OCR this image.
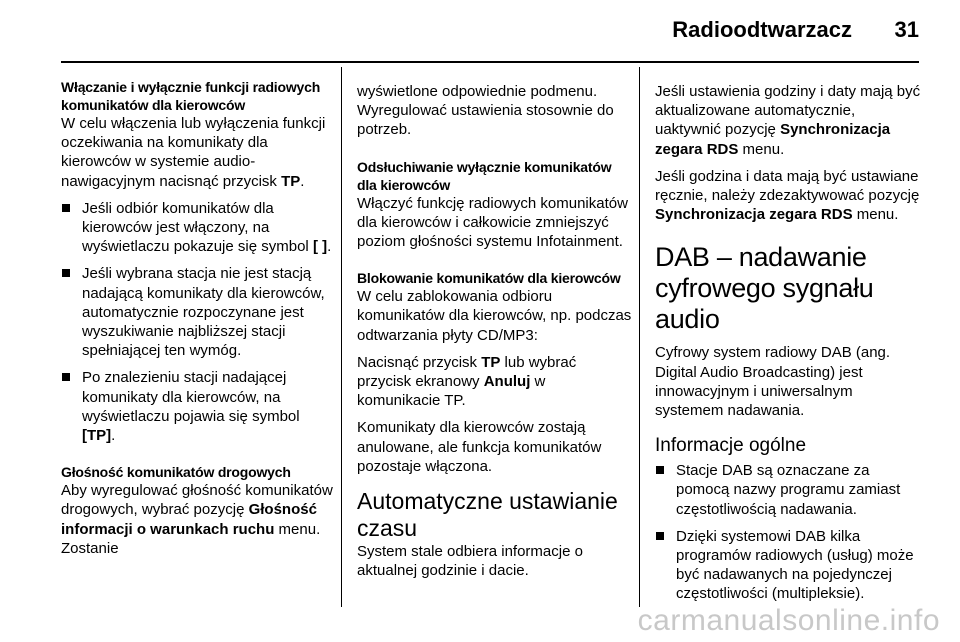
Radioodtwarzacz 31
Włączanie i wyłącznie funkcji radiowych komunikatów dla kierowców

W celu włączenia lub wyłączenia funkcji oczekiwania na komunikaty dla kierowców w systemie audio-nawigacyjnym nacisnąć przycisk TP.

Jeśli odbiór komunikatów dla kierowców jest włączony, na wyświetlaczu pokazuje się symbol [ ].
Jeśli wybrana stacja nie jest stacją nadającą komunikaty dla kierowców, automatycznie rozpoczynane jest wyszukiwanie najbliższej stacji spełniającej ten wymóg.
Po znalezieniu stacji nadającej komunikaty dla kierowców, na wyświetlaczu pojawia się symbol [TP].
Głośność komunikatów drogowych

Aby wyregulować głośność komunikatów drogowych, wybrać pozycję Głośność informacji o warunkach ruchu menu. Zostanie

wyświetlone odpowiednie podmenu. Wyregulować ustawienia stosownie do potrzeb.

Odsłuchiwanie wyłącznie komunikatów dla kierowców

Włączyć funkcję radiowych komunikatów dla kierowców i całkowicie zmniejszyć poziom głośności systemu Infotainment.

Blokowanie komunikatów dla kierowców

W celu zablokowania odbioru komunikatów dla kierowców, np. podczas odtwarzania płyty CD/MP3:

Nacisnąć przycisk TP lub wybrać przycisk ekranowy Anuluj w komunikacie TP.

Komunikaty dla kierowców zostają anulowane, ale funkcja komunikatów pozostaje włączona.

Automatyczne ustawianie czasu

System stale odbiera informacje o aktualnej godzinie i dacie.

Jeśli ustawienia godziny i daty mają być aktualizowane automatycznie, uaktywnić pozycję Synchronizacja zegara RDS menu.

Jeśli godzina i data mają być ustawiane ręcznie, należy zdezaktywować pozycję Synchronizacja zegara RDS menu.

DAB – nadawanie cyfrowego sygnału audio

Cyfrowy system radiowy DAB (ang. Digital Audio Broadcasting) jest innowacyjnym i uniwersalnym systemem nadawania.

Informacje ogólne
Stacje DAB są oznaczane za pomocą nazwy programu zamiast częstotliwością nadawania.
Dzięki systemowi DAB kilka programów radiowych (usług) może być nadawanych na pojedynczej częstotliwości (multipleksie).
carmanualsonline.info
